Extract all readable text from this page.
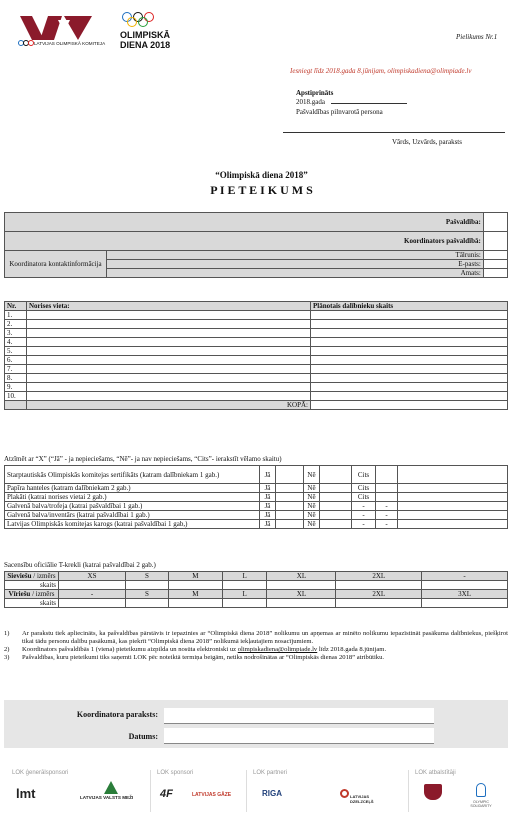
LATVIJAS OLIMPISKĀ KOMITEJA
OLIMPISKĀ
DIENA 2018
Pielikums Nr.1
Iesniegt līdz 2018.gada 8.jūnijam, olimpiskadiena@olimpiade.lv
Apstiprināts
2018.gada
Pašvaldības pilnvarotā persona
Vārds, Uzvārds, paraksts
“Olimpiskā diena 2018”
P I E T E I K U M S
Pašvaldība:		
Koordinators pašvaldībā:		
Koordinatora kontaktinformācija	Tālrunis:	
	E-pasts:	
	Amats:	
Nr.	Norises vieta:	Plānotais dalībnieku skaits
1.		
2.		
3.		
4.		
5.		
6.		
7.		
8.		
9.		
10.		
	KOPĀ:	
Atzīmēt ar “X” (“Jā” - ja nepieciešams, “Nē”- ja nav nepieciešams, “Cits”- ierakstīt vēlamo skaitu)
Starptautiskās Olimpiskās komitejas sertifikāts (katram dalībniekam 1 gab.)	Jā		Nē		Cits		
Papīra hanteles (katram dalībniekam 2 gab.)	Jā		Nē		Cits		
Plakāti (katrai norises vietai 2 gab.)	Jā		Nē		Cits		
Galvenā balva/trofeja (katrai pašvaldībai 1 gab.)	Jā		Nē		-	-	
Galvenā balva/inventārs (katrai pašvaldībai 1 gab.)	Jā		Nē		-	-	
Latvijas Olimpiskās komitejas karogs (katrai pašvaldībai 1 gab,)	Jā		Nē		-	-	
Sacensību oficiālie T-krekli (katrai pašvaldībai 2 gab.)
Sieviešu / izmērs	XS	S	M	L	XL	2XL	-
skaits							
Vīriešu / izmērs	-	S	M	L	XL	2XL	3XL
skaits							
1)	Ar parakstu tiek apliecināts, ka pašvaldības pārstāvis ir iepazinies ar “Olimpiskā diena 2018” nolikumu un apņemas ar minēto nolikumu iepazīstināt pasākuma dalībniekus, piešķirot tikai tādu personu dalību pasākumā, kas piekrīt “Olimpiskā diena 2018” nolikumā iekļautajiem nosacījumiem.
2)	Koordinators pašvaldībās 1 (viena) pieteikumu aizpilda un nosūta elektroniski uz olimpiskadiena@olimpiade.lv līdz 2018.gada 8.jūnijam.
3)	Pašvaldības, kuru pieteikumi tiks saņemti LOK pēc noteiktā termiņa beigām, netiks nodrošinātas ar “Olimpiskās dienas 2018” atribūtiku.
Koordinatora paraksts:
Datums:
LOK ģenerālsponsori
lmt	LATVIJAS VALSTS MEŽI
LOK sponsori
4F	LATVIJAS GĀZE
LOK partneri
RIGA	LATVIJAS DZELZCEĻŠ
LOK atbalstītāji
OLYMPIC SOLIDARITY
